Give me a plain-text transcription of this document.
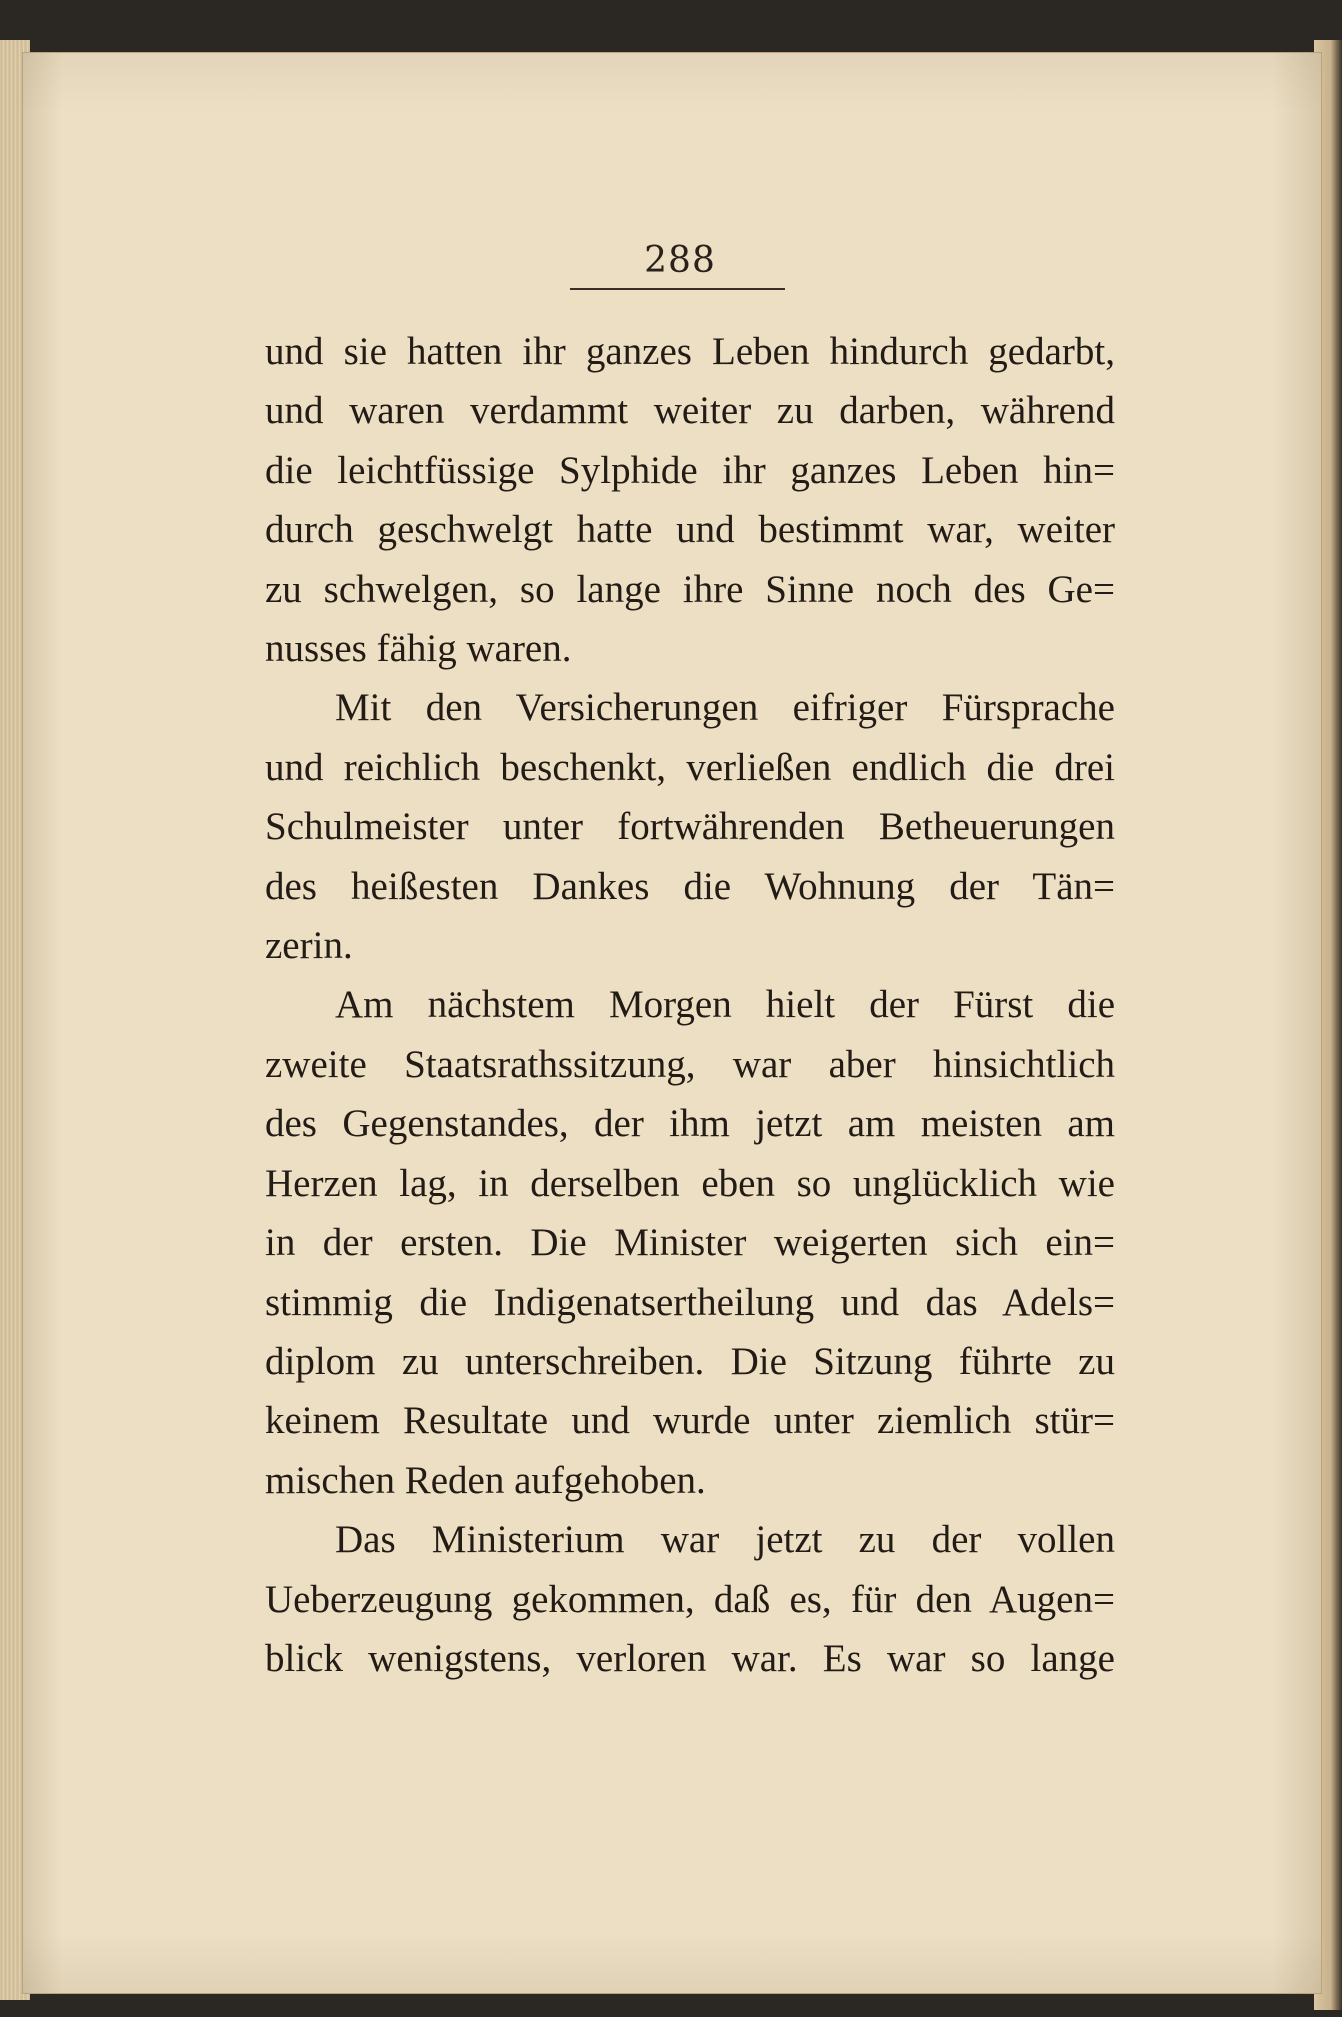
288
und sie hatten ihr ganzes Leben hindurch gedarbt,
und waren verdammt weiter zu darben, während
die leichtfüssige Sylphide ihr ganzes Leben hin=
durch geschwelgt hatte und bestimmt war, weiter
zu schwelgen, so lange ihre Sinne noch des Ge=
nusses fähig waren.
Mit den Versicherungen eifriger Fürsprache
und reichlich beschenkt, verließen endlich die drei
Schulmeister unter fortwährenden Betheuerungen
des heißesten Dankes die Wohnung der Tän=
zerin.
Am nächstem Morgen hielt der Fürst die
zweite Staatsrathssitzung, war aber hinsichtlich
des Gegenstandes, der ihm jetzt am meisten am
Herzen lag, in derselben eben so unglücklich wie
in der ersten. Die Minister weigerten sich ein=
stimmig die Indigenatsertheilung und das Adels=
diplom zu unterschreiben. Die Sitzung führte zu
keinem Resultate und wurde unter ziemlich stür=
mischen Reden aufgehoben.
Das Ministerium war jetzt zu der vollen
Ueberzeugung gekommen, daß es, für den Augen=
blick wenigstens, verloren war. Es war so lange
